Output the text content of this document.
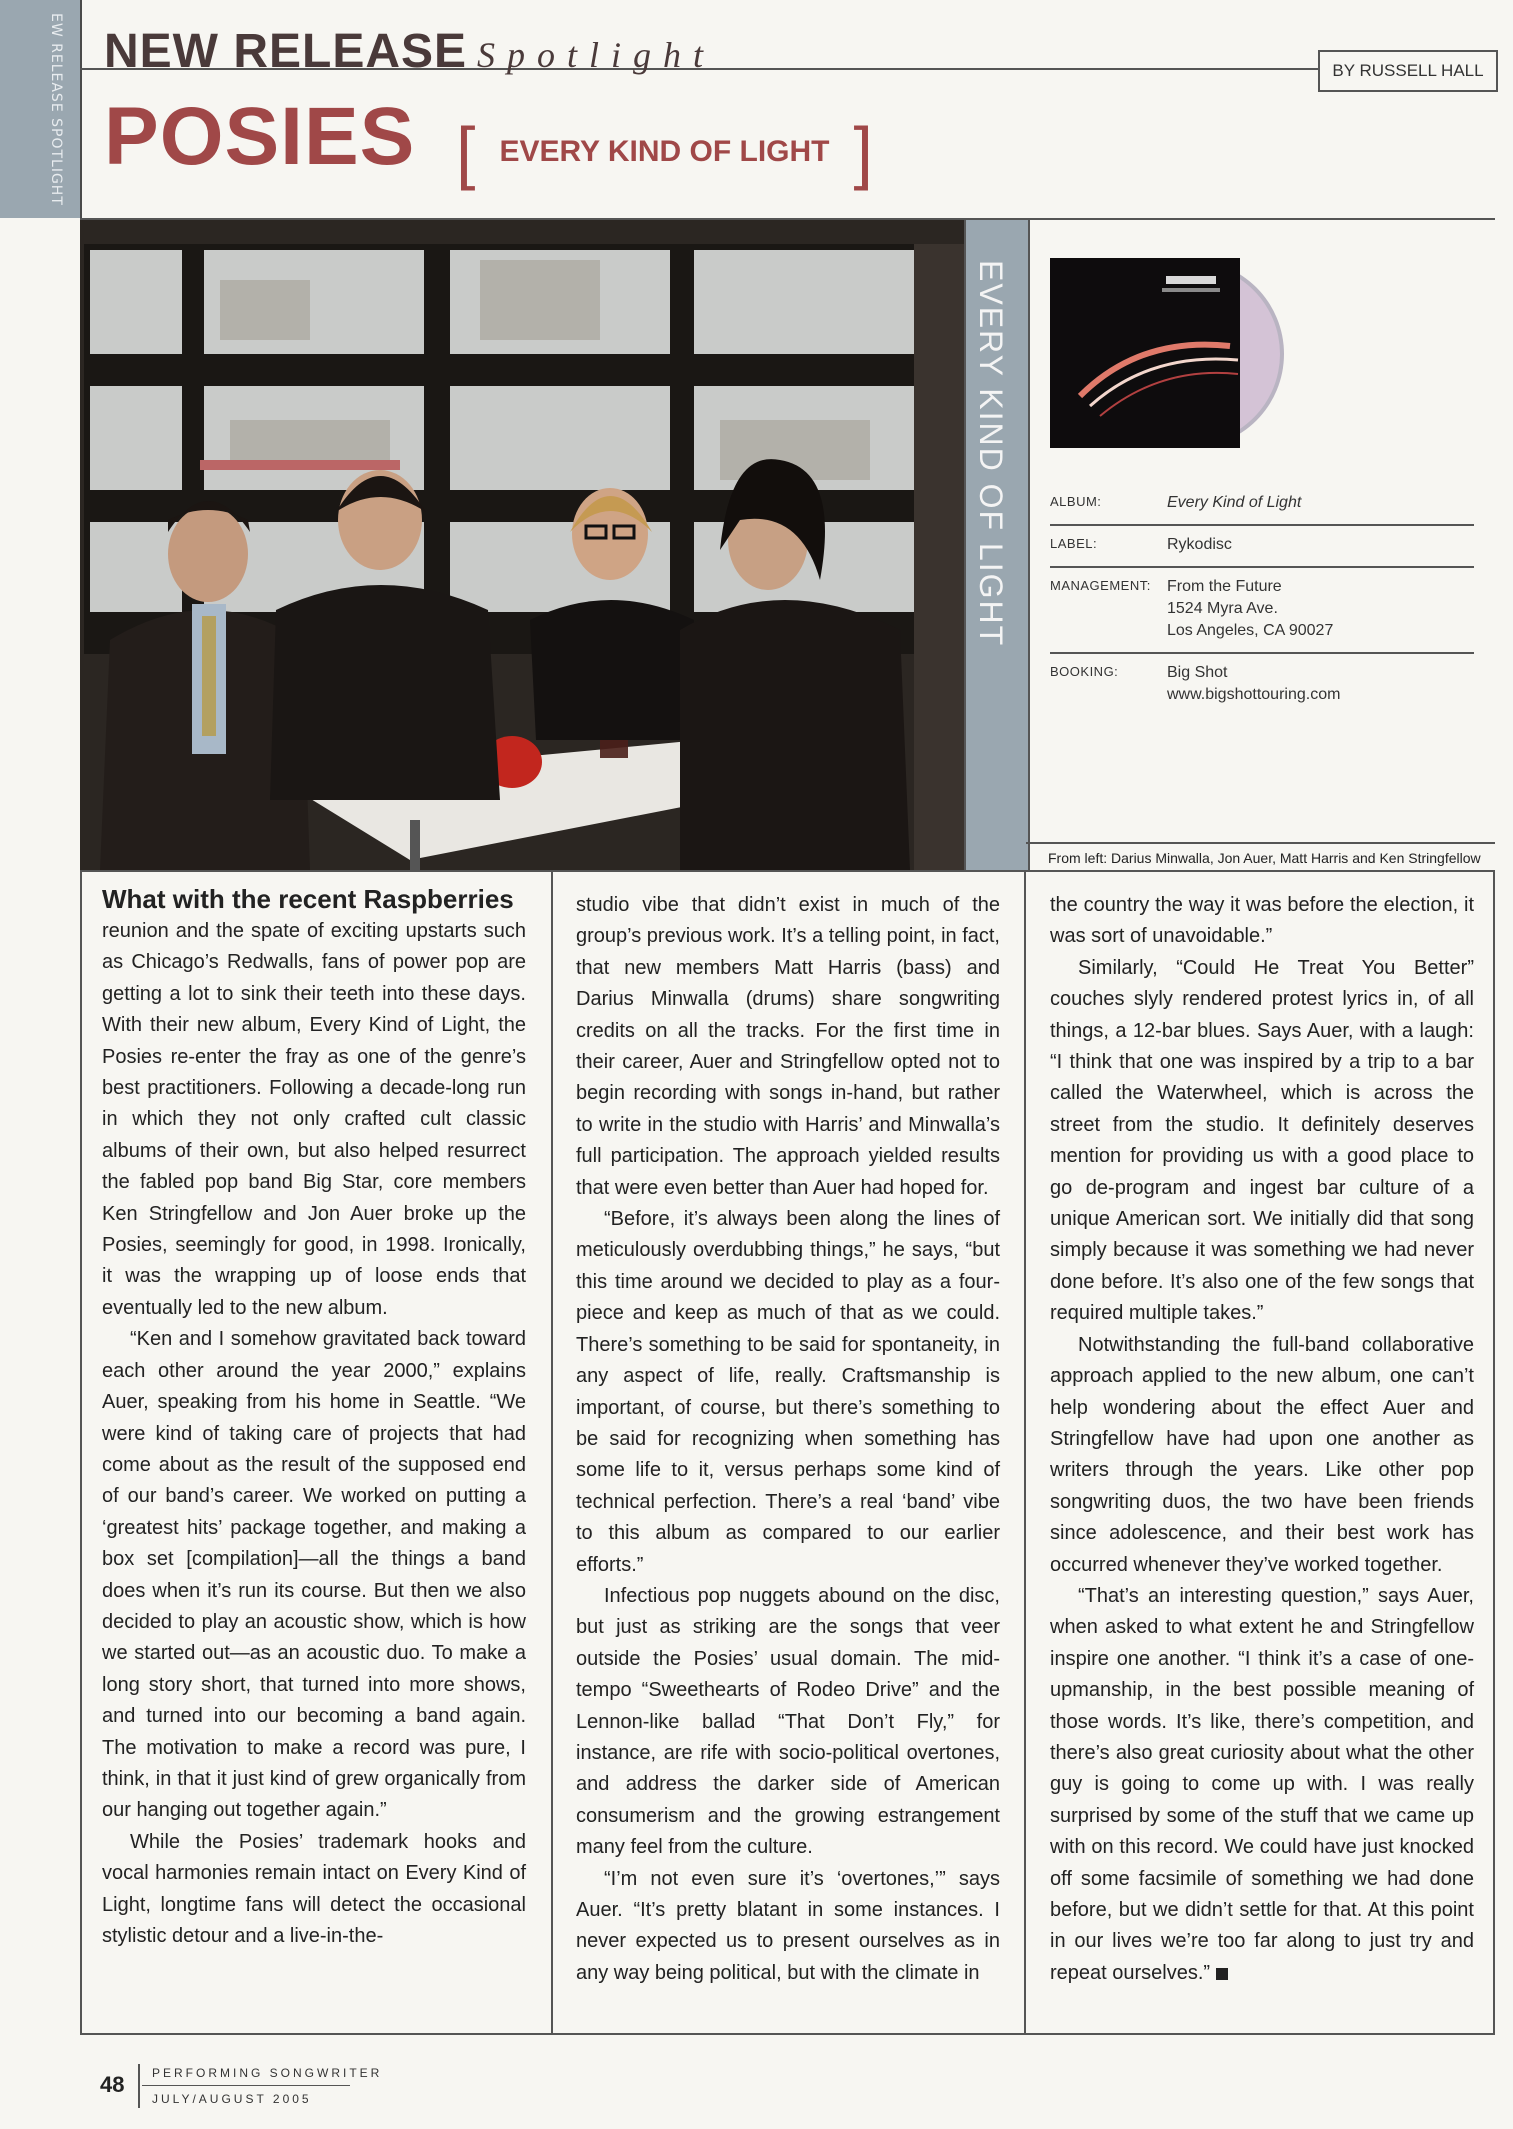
EW RELEASE SPOTLIGHT NEW RELEASE Spotlight	BY RUSSELL HALL
POSIES [ EVERY KIND OF LIGHT ]
EVERY KIND OF LIGHT	ALBUM:	Every Kind of Light
LABEL:	Rykodisc
MANAGEMENT:	From the Future
1524 Myra Ave.
Los Angeles, CA 90027
BOOKING:	Big Shot
www.bigshottouring.com
From left: Darius Minwalla, Jon Auer, Matt Harris and Ken Stringfellow
What with the recent Raspberries

reunion and the spate of exciting upstarts such as Chicago’s Redwalls, fans of power pop are getting a lot to sink their teeth into these days. With their new album, Every Kind of Light, the Posies re-enter the fray as one of the genre’s best practitioners. Following a decade-long run in which they not only crafted cult classic albums of their own, but also helped resurrect the fabled pop band Big Star, core members Ken Stringfellow and Jon Auer broke up the Posies, seemingly for good, in 1998. Ironically, it was the wrapping up of loose ends that eventually led to the new album.

“Ken and I somehow gravitated back toward each other around the year 2000,” explains Auer, speaking from his home in Seattle. “We were kind of taking care of projects that had come about as the result of the supposed end of our band’s career. We worked on putting a ‘greatest hits’ package together, and making a box set [compilation]—all the things a band does when it’s run its course. But then we also decided to play an acoustic show, which is how we started out—as an acoustic duo. To make a long story short, that turned into more shows, and turned into our becoming a band again. The motivation to make a record was pure, I think, in that it just kind of grew organically from our hanging out together again.”

While the Posies’ trademark hooks and vocal harmonies remain intact on Every Kind of Light, longtime fans will detect the occasional stylistic detour and a live-in-the-

studio vibe that didn’t exist in much of the group’s previous work. It’s a telling point, in fact, that new members Matt Harris (bass) and Darius Minwalla (drums) share songwriting credits on all the tracks. For the first time in their career, Auer and Stringfellow opted not to begin recording with songs in-hand, but rather to write in the studio with Harris’ and Minwalla’s full participation. The approach yielded results that were even better than Auer had hoped for.

“Before, it’s always been along the lines of meticulously overdubbing things,” he says, “but this time around we decided to play as a four-piece and keep as much of that as we could. There’s something to be said for spontaneity, in any aspect of life, really. Craftsmanship is important, of course, but there’s something to be said for recognizing when something has some life to it, versus perhaps some kind of technical perfection. There’s a real ‘band’ vibe to this album as compared to our earlier efforts.”

Infectious pop nuggets abound on the disc, but just as striking are the songs that veer outside the Posies’ usual domain. The mid-tempo “Sweethearts of Rodeo Drive” and the Lennon-like ballad “That Don’t Fly,” for instance, are rife with socio-political overtones, and address the darker side of American consumerism and the growing estrangement many feel from the culture.

“I’m not even sure it’s ‘overtones,’” says Auer. “It’s pretty blatant in some instances. I never expected us to present ourselves as in any way being political, but with the climate in

the country the way it was before the election, it was sort of unavoidable.”

Similarly, “Could He Treat You Better” couches slyly rendered protest lyrics in, of all things, a 12-bar blues. Says Auer, with a laugh: “I think that one was inspired by a trip to a bar called the Waterwheel, which is across the street from the studio. It definitely deserves mention for providing us with a good place to go de-program and ingest bar culture of a unique American sort. We initially did that song simply because it was something we had never done before. It’s also one of the few songs that required multiple takes.”

Notwithstanding the full-band collaborative approach applied to the new album, one can’t help wondering about the effect Auer and Stringfellow have had upon one another as writers through the years. Like other pop songwriting duos, the two have been friends since adolescence, and their best work has occurred whenever they’ve worked together.

“That’s an interesting question,” says Auer, when asked to what extent he and Stringfellow inspire one another. “I think it’s a case of one-upmanship, in the best possible meaning of those words. It’s like, there’s competition, and there’s also great curiosity about what the other guy is going to come up with. I was really surprised by some of the stuff that we came up with on this record. We could have just knocked off some facsimile of something we had done before, but we didn’t settle for that. At this point in our lives we’re too far along to just try and repeat ourselves.”

48 PERFORMING SONGWRITER
JULY/AUGUST 2005
